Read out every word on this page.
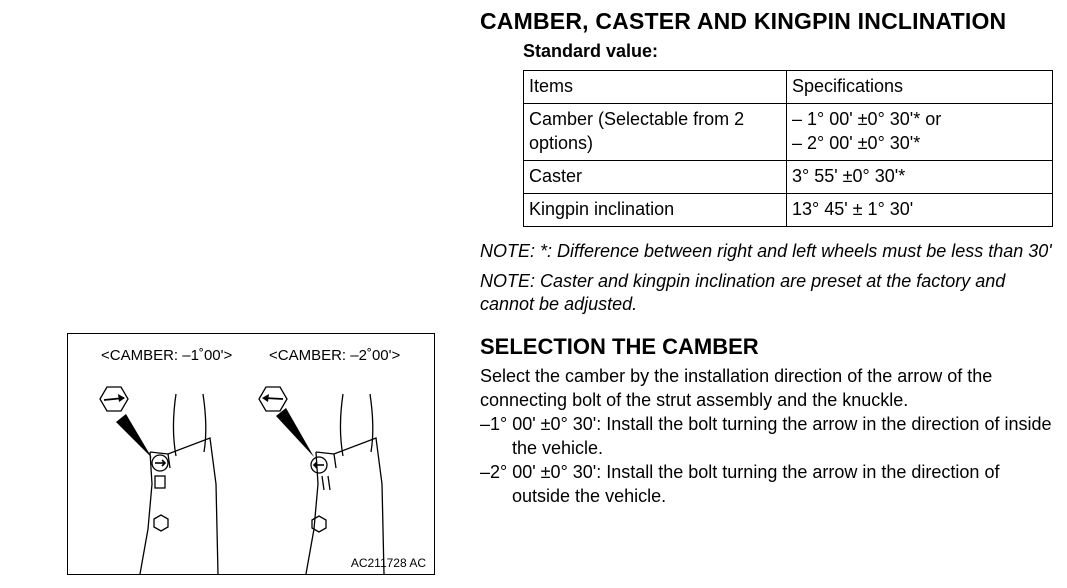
<CAMBER: –1˚00'> <CAMBER: –2˚00'>
AC211728 AC
CAMBER, CASTER AND KINGPIN INCLINATION
Standard value:
Items	Specifications
Camber (Selectable from 2 options)	– 1° 00' ±0° 30'* or
– 2° 00' ±0° 30'*

Caster	3° 55' ±0° 30'*
Kingpin inclination	13° 45' ± 1° 30'

NOTE: *: Difference between right and left wheels must be less than 30'

NOTE: Caster and kingpin inclination are preset at the factory and cannot be adjusted.

SELECTION THE CAMBER

Select the camber by the installation direction of the arrow of the connecting bolt of the strut assembly and the knuckle.

–1° 00' ±0° 30': Install the bolt turning the arrow in the direction of inside the vehicle.

–2° 00' ±0° 30': Install the bolt turning the arrow in the direction of outside the vehicle.
